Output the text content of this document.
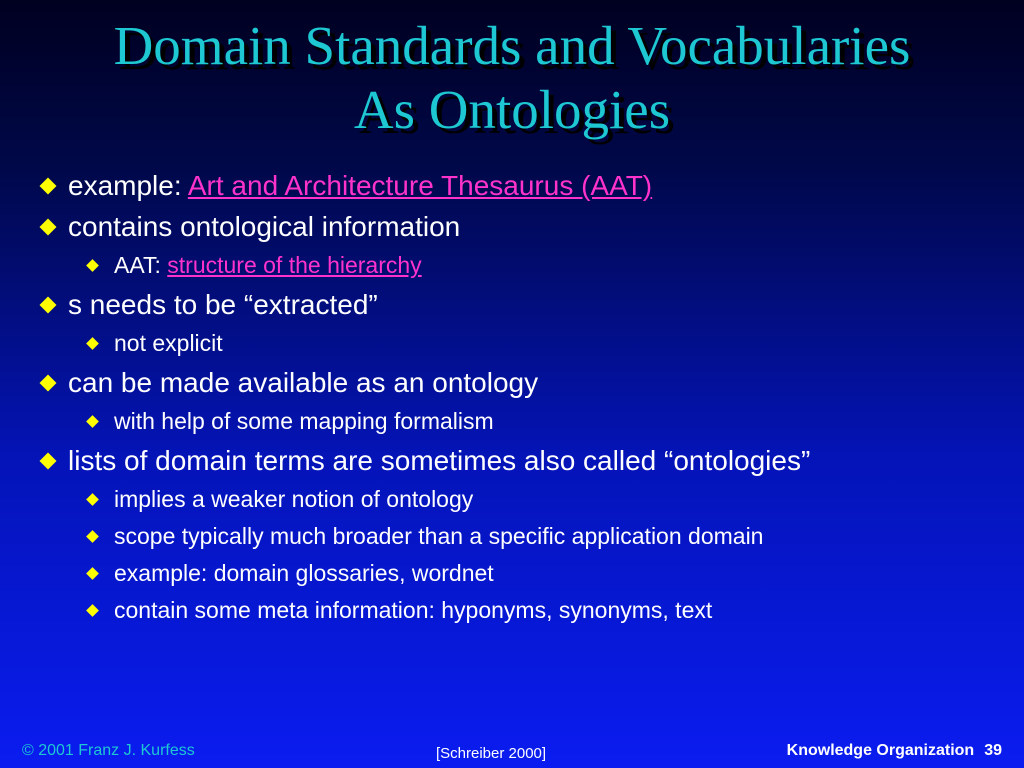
Domain Standards and Vocabularies
As Ontologies
example: Art and Architecture Thesaurus (AAT)
contains ontological information
AAT: structure of the hierarchy
s needs to be “extracted”
not explicit
can be made available as an ontology
with help of some mapping formalism
lists of domain terms are sometimes also called “ontologies”
implies a weaker notion of ontology
scope typically much broader than a specific application domain
example: domain glossaries, wordnet
contain some meta information: hyponyms, synonyms, text
© 2001 Franz J. Kurfess	[Schreiber 2000]	Knowledge Organization 39
